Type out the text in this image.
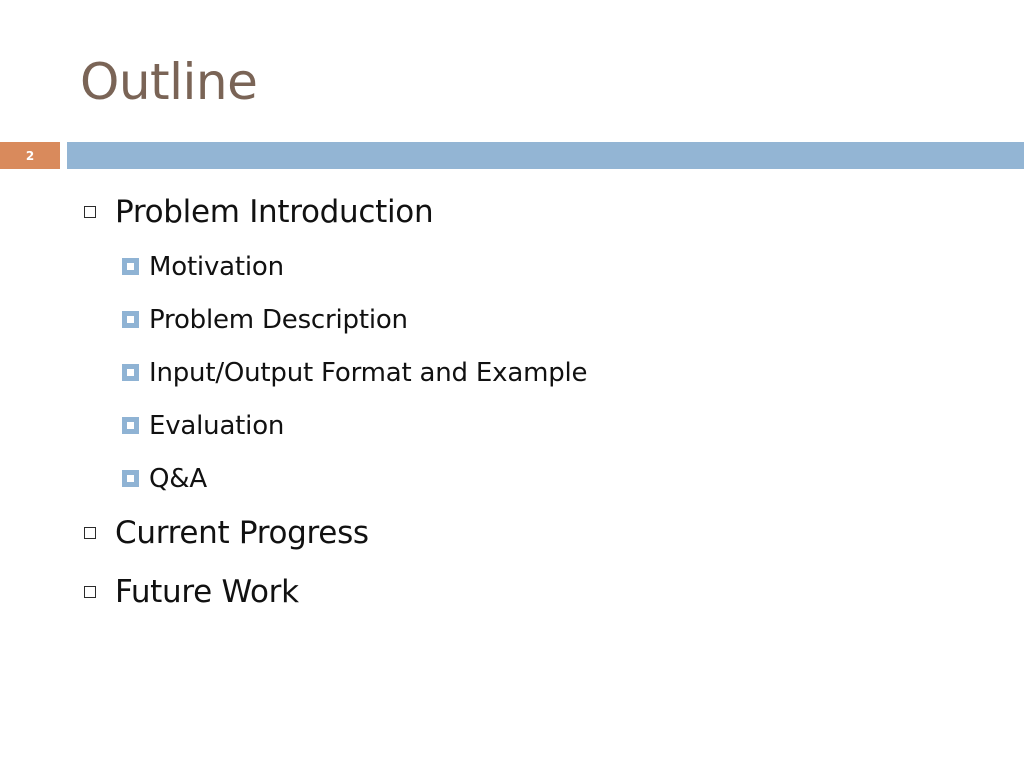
Outline
2
Problem Introduction
Motivation
Problem Description
Input/Output Format and Example
Evaluation
Q&A
Current Progress
Future Work
